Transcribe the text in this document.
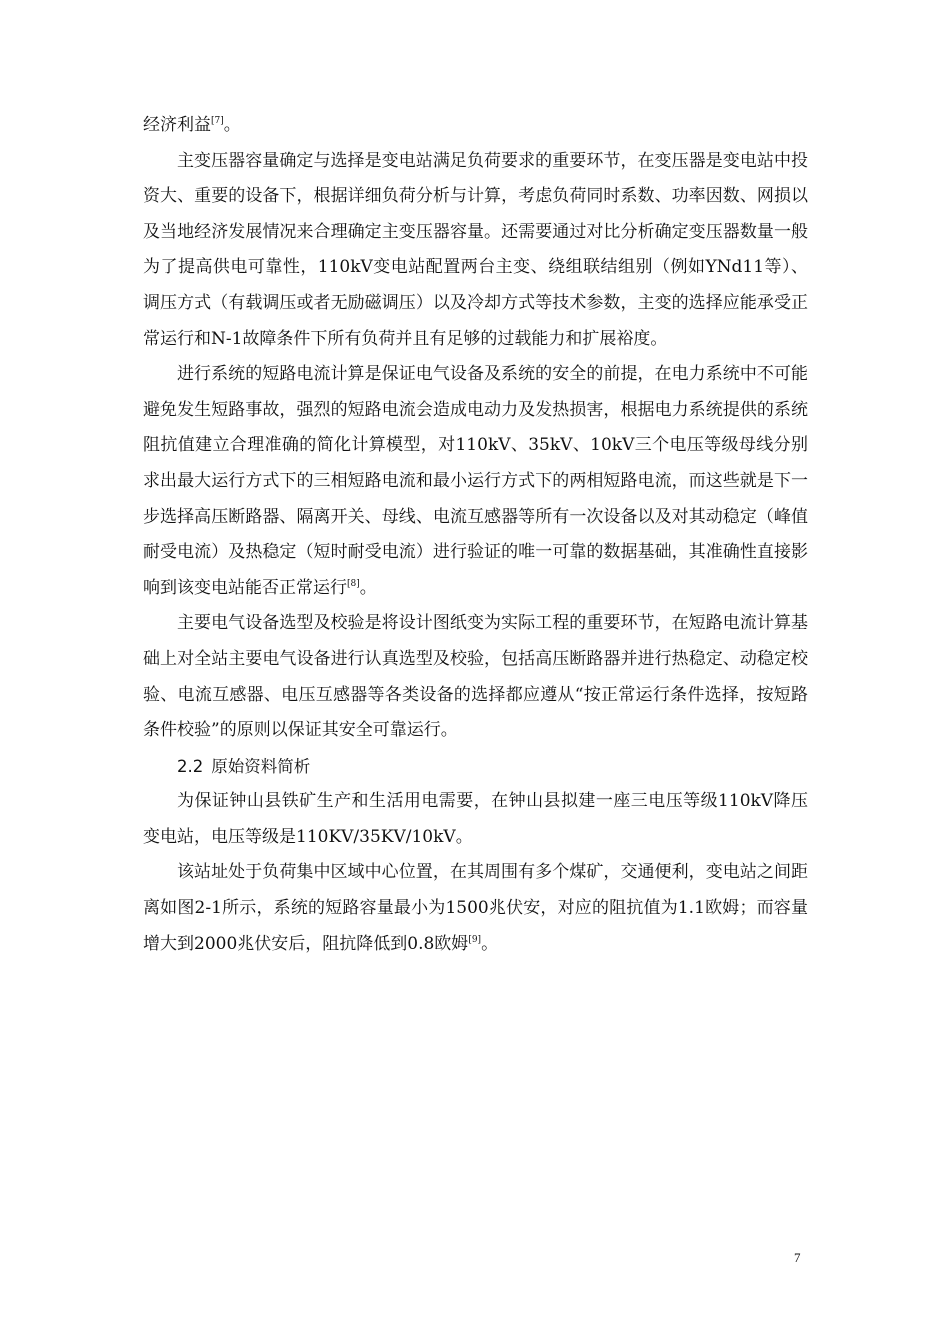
经济利益[7]。

主变压器容量确定与选择是变电站满足负荷要求的重要环节，在变压器是变电站中投资大、重要的设备下，根据详细负荷分析与计算，考虑负荷同时系数、功率因数、网损以及当地经济发展情况来合理确定主变压器容量。还需要通过对比分析确定变压器数量一般为了提高供电可靠性，110kV变电站配置两台主变、绕组联结组别（例如YNd11等）、调压方式（有载调压或者无励磁调压）以及冷却方式等技术参数，主变的选择应能承受正常运行和N-1故障条件下所有负荷并且有足够的过载能力和扩展裕度。

进行系统的短路电流计算是保证电气设备及系统的安全的前提，在电力系统中不可能避免发生短路事故，强烈的短路电流会造成电动力及发热损害，根据电力系统提供的系统阻抗值建立合理准确的简化计算模型，对110kV、35kV、10kV三个电压等级母线分别求出最大运行方式下的三相短路电流和最小运行方式下的两相短路电流，而这些就是下一步选择高压断路器、隔离开关、母线、电流互感器等所有一次设备以及对其动稳定（峰值耐受电流）及热稳定（短时耐受电流）进行验证的唯一可靠的数据基础，其准确性直接影响到该变电站能否正常运行[8]。

主要电气设备选型及校验是将设计图纸变为实际工程的重要环节，在短路电流计算基础上对全站主要电气设备进行认真选型及校验，包括高压断路器并进行热稳定、动稳定校验、电流互感器、电压互感器等各类设备的选择都应遵从“按正常运行条件选择，按短路条件校验”的原则以保证其安全可靠运行。

2.2 原始资料简析

为保证钟山县铁矿生产和生活用电需要，在钟山县拟建一座三电压等级110kV降压变电站，电压等级是110KV/35KV/10kV。

该站址处于负荷集中区域中心位置，在其周围有多个煤矿，交通便利，变电站之间距离如图2-1所示，系统的短路容量最小为1500兆伏安，对应的阻抗值为1.1欧姆；而容量增大到2000兆伏安后，阻抗降低到0.8欧姆[9]。

7
